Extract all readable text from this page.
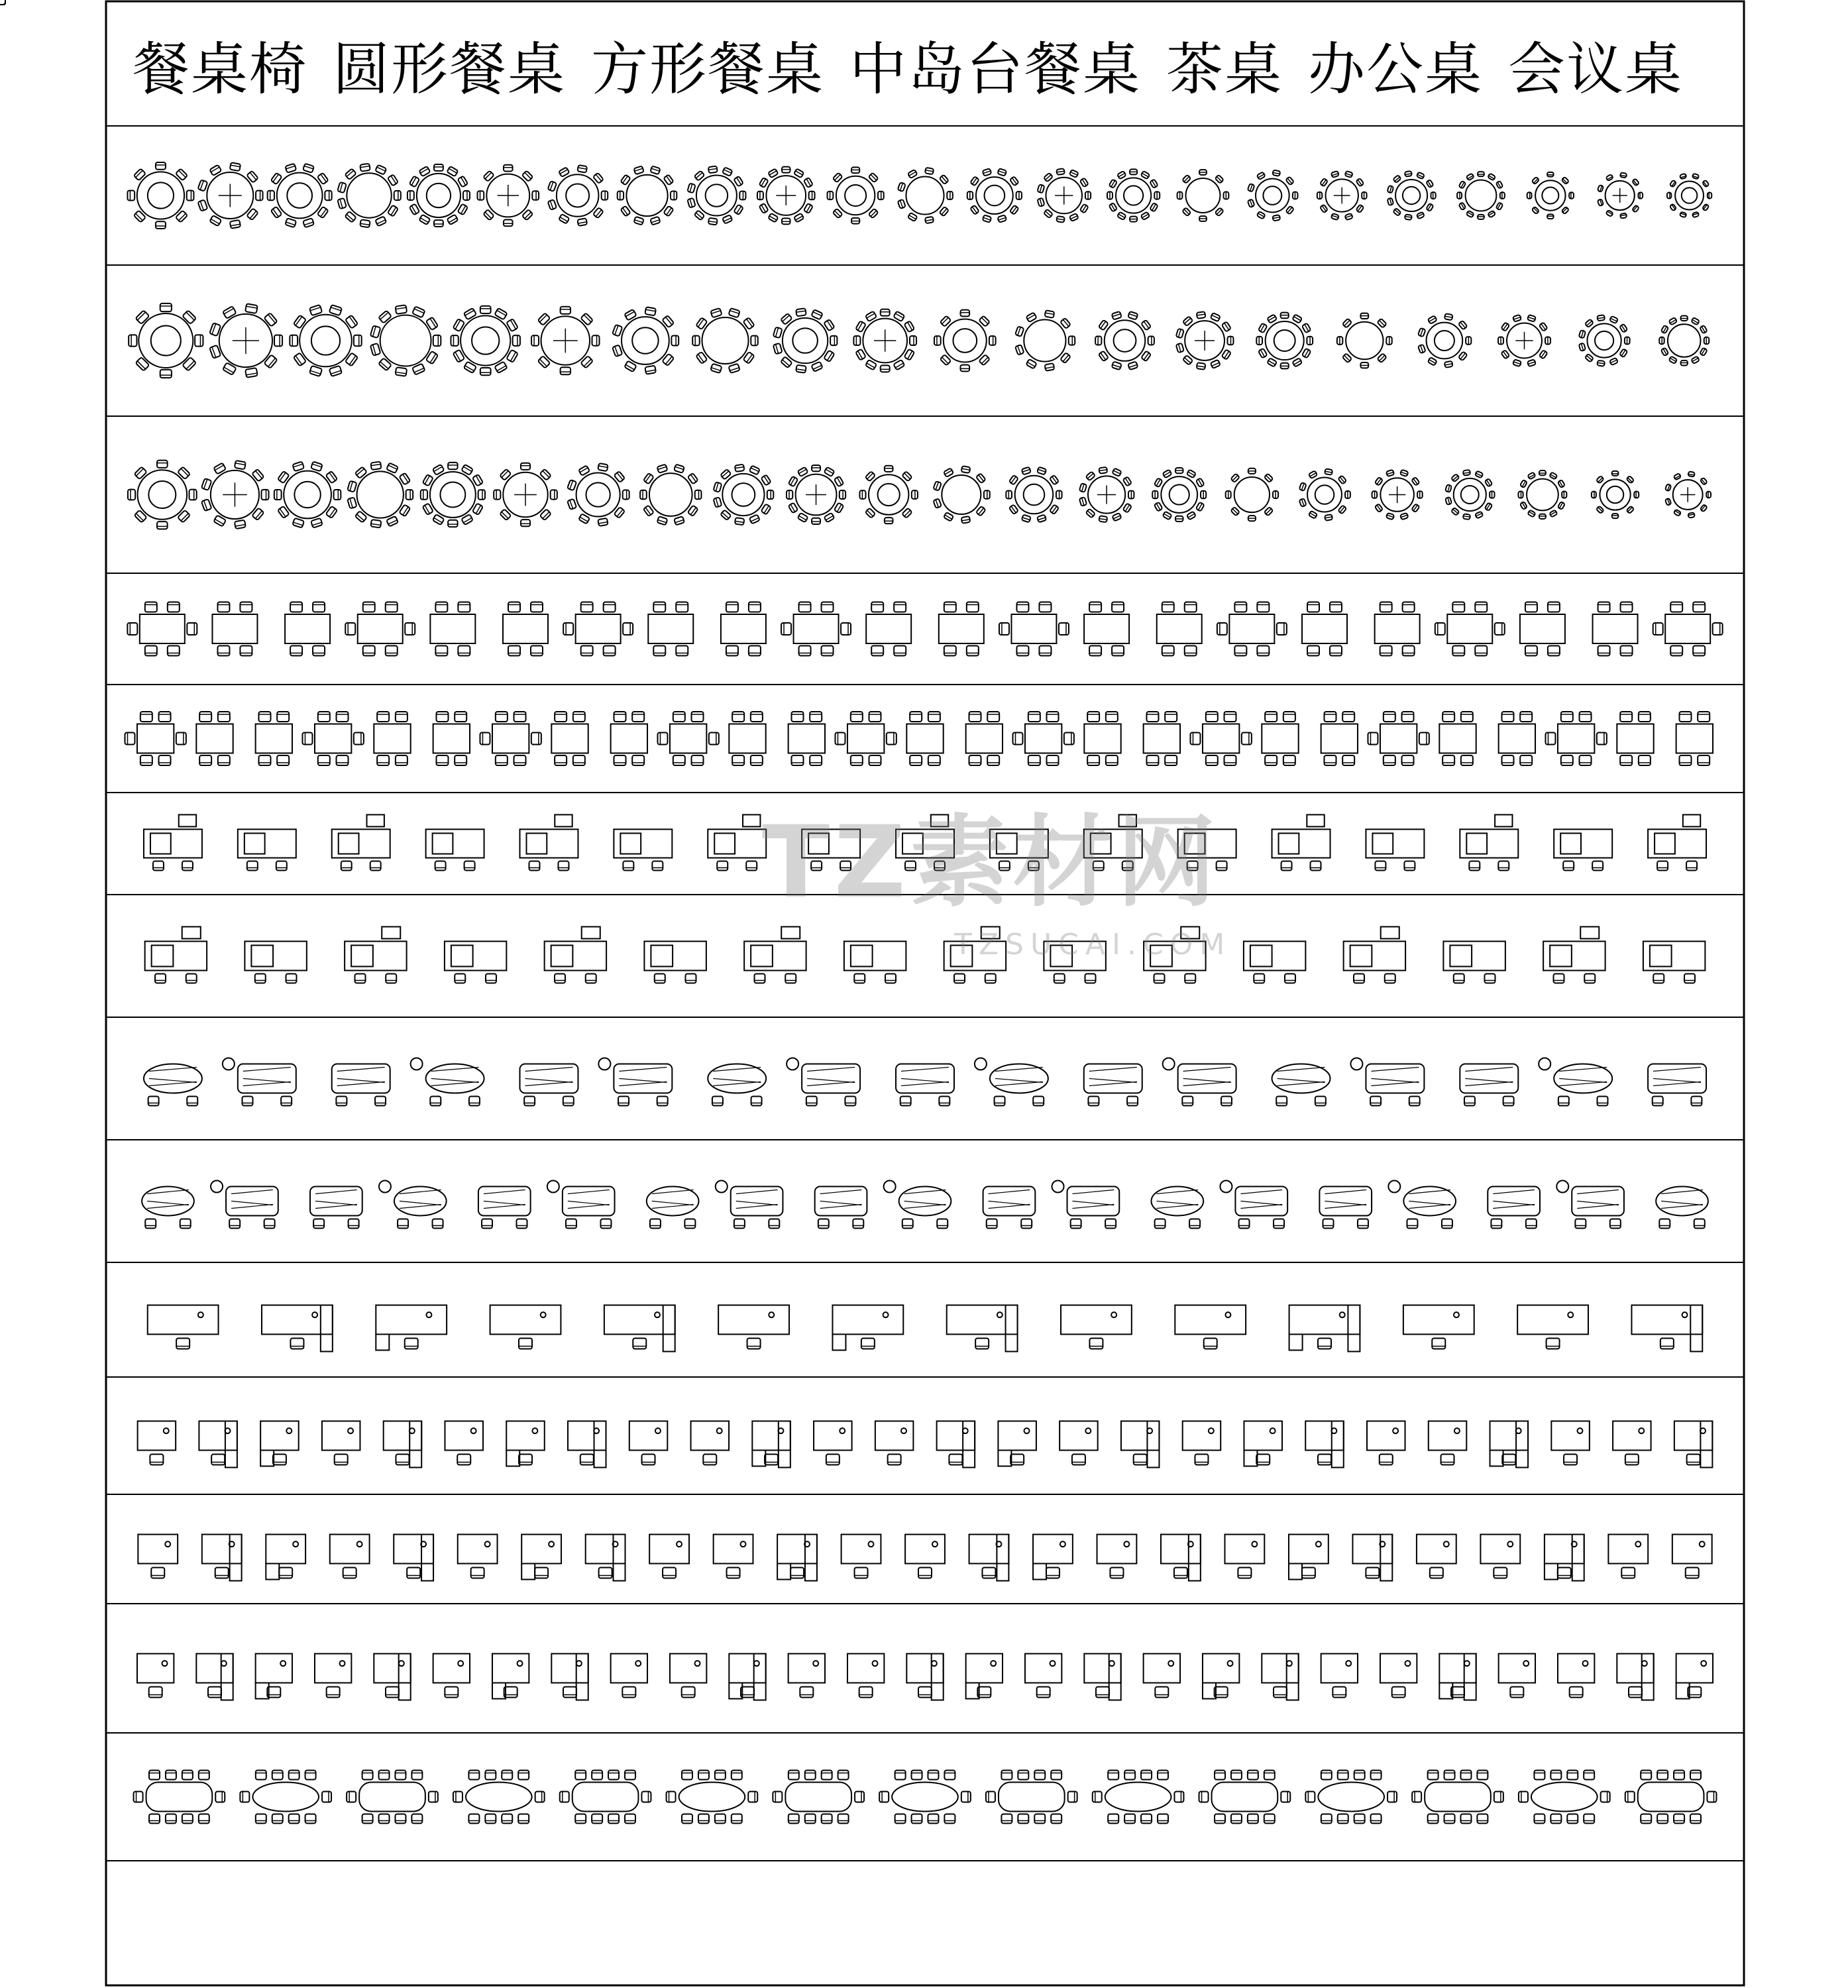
餐桌椅 圆形餐桌 方形餐桌 中岛台餐桌 茶桌 办公桌 会议桌
TZ素材网
TZSUCAI.COM
